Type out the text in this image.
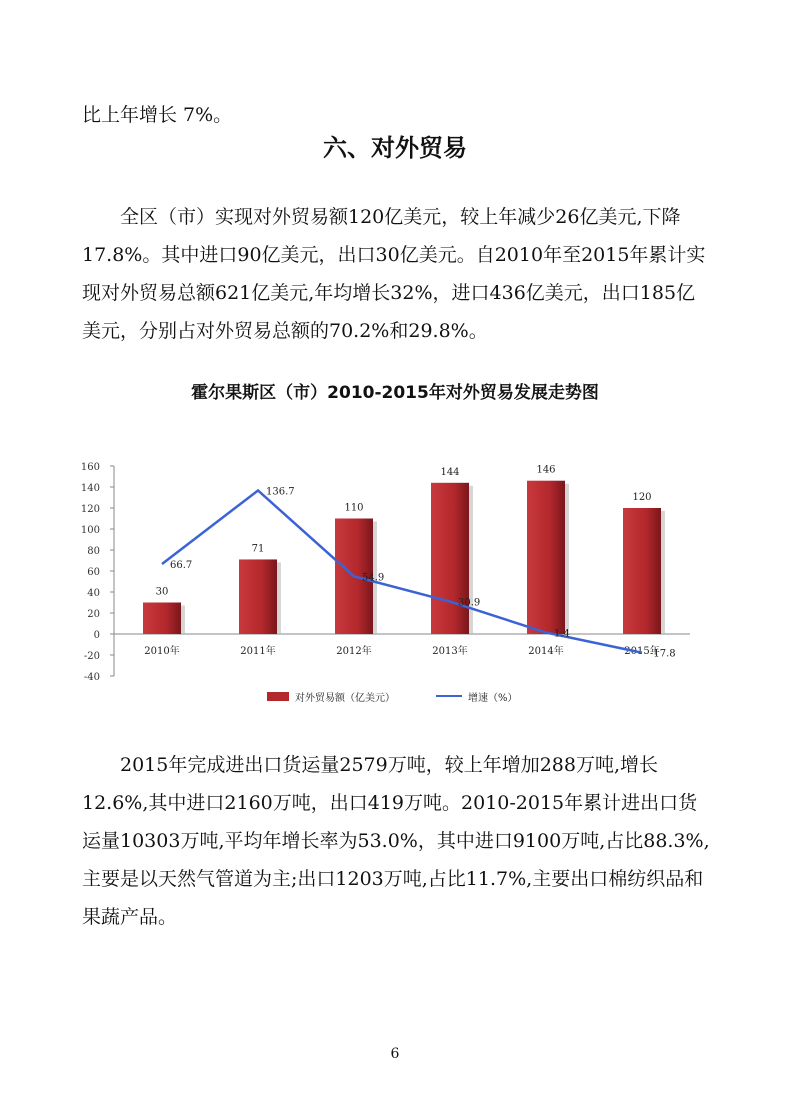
比上年增长 7%。

六、对外贸易

全区（市）实现对外贸易额120亿美元，较上年减少26亿美元,下降17.8%。其中进口90亿美元，出口30亿美元。自2010年至2015年累计实现对外贸易总额621亿美元,年均增长32%，进口436亿美元，出口185亿美元，分别占对外贸易总额的70.2%和29.8%。

霍尔果斯区（市）2010-2015年对外贸易发展走势图
160
140
120
100
80
60
40
20
0
-20
-40
30
71
110
144	146
120
2010年	2011年	2012年	2013年	2014年	2015年
66.7
136.7
54.9
30.9
1.4
-17.8
对外贸易额（亿美元）	增速（%）

2015年完成进出口货运量2579万吨，较上年增加288万吨,增长12.6%,其中进口2160万吨，出口419万吨。2010-2015年累计进出口货运量10303万吨,平均年增长率为53.0%，其中进口9100万吨,占比88.3%,主要是以天然气管道为主;出口1203万吨,占比11.7%,主要出口棉纺织品和果蔬产品。

6
